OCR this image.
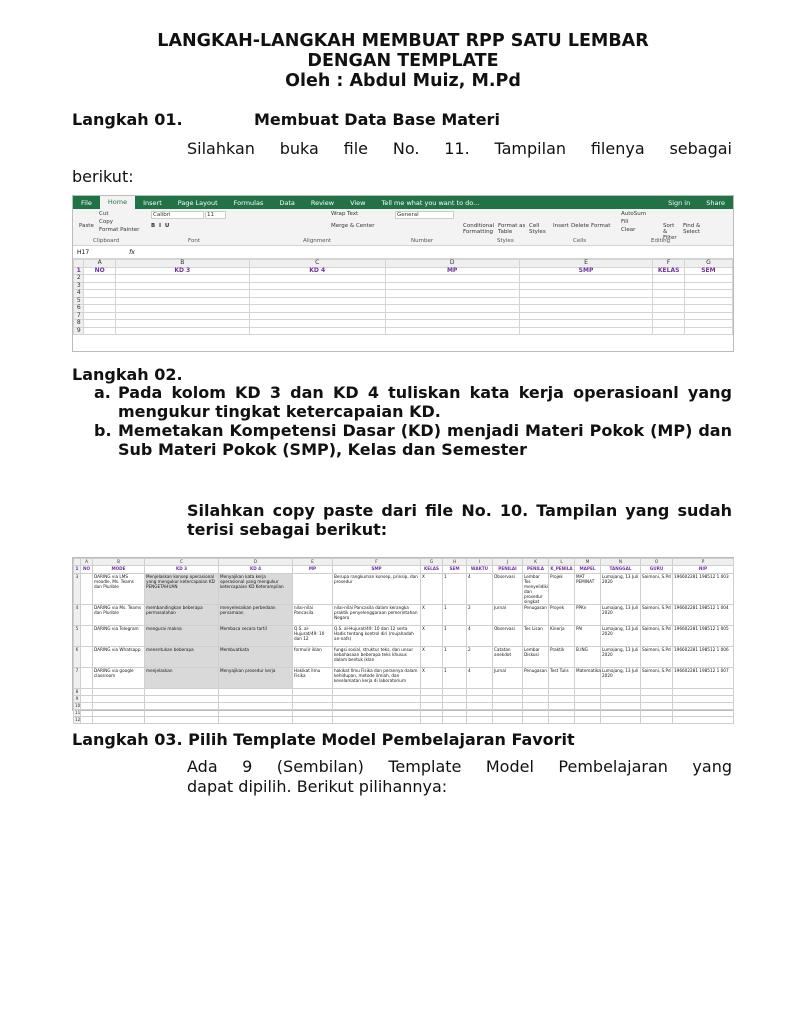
LANGKAH-LANGKAH MEMBUAT RPP SATU LEMBAR
DENGAN TEMPLATE
Oleh : Abdul Muiz, M.Pd
Langkah 01.	Membuat Data Base Materi
Silahkan buka file No. 11. Tampilan filenya sebagai
berikut:
File	Home	Insert	Page Layout	Formulas	Data	Review	View	Tell me what you want to do...	Sign in	Share
Paste
Cut
Copy
Format Painter
Calibri	11
B  I  U
Wrap Text
Merge & Center
General
Conditional Formatting
Format as Table
Cell Styles
Insert Delete Format
AutoSum
Fill
Clear
Sort & Filter
Find & Select
Clipboard	Font	Alignment	Number	Styles	Cells	Editing
H17	fx
	A	B	C	D	E	F	G
1	NO	KD 3	KD 4	MP	SMP	KELAS	SEM
2							
3							
4							
5							
6							
7							
8							
9							
Langkah 02.
a. Pada kolom KD 3 dan KD 4 tuliskan kata kerja operasioanl yang mengukur tingkat ketercapaian KD.
b. Memetakan Kompetensi Dasar (KD) menjadi Materi Pokok (MP) dan Sub Materi Pokok (SMP), Kelas dan Semester
Silahkan copy paste dari file No. 10. Tampilan yang sudah terisi sebagai berikut:
	A	B	C	D	E	F	G	H	I	J	K	L	M	N	O	P
1	NO	MODE	KD 3	KD 4	MP	SMP	KELAS	SEM	WAKTU	PENILAI	PENILA	K_PENILA	MAPEL	TANGGAL	GURU	NIP
3		DARING via LMS moodle, Ms. Teams dan Plurible	Menjelaskan konsep operasional yang mengukur ketercapaian KD PENGETAHUAN	Menyajikan kata kerja operasional yang mengukur ketercapaian KD Keterampilan		Berupa rangkuman konsep, prinsip, dan prosedur	X	1	4	Observasi	Lembar Tes menyelidiki dan prosedur singkat	Projek	MAT PEMINAT	Lumajang, 13 Juli 2020	Saimoni, S.Pd	196602281 198512 1 003
4		DARING via Ms. Teams dan Plurible	membandingkan beberapa permasalahan	menyelesaikan perbedaan persamaan	nilai-nilai Pancasila	nilai-nilai Pancasila dalam kerangka praktik penyelenggaraan pemerintahan Negara	X	1	2	Jurnal	Penugasan	Proyek	PPKn	Lumajang, 13 Juli 2020	Saimoni, S.Pd	196602281 198512 1 004
5		DARING via Telegram	mengurai makna	Membaca secara tartil	Q.S. al-Hujurat/49: 10 dan 12	Q.S. al-Hujurat/49: 10 dan 12 serta Hadis tentang kontrol diri (mujahadah an-nafs)	X	1	4	Observasi	Tes Lisan	Kinerja	PAI	Lumajang, 13 Juli 2020	Saimoni, S.Pd	196602281 198512 1 005
6		DARING via Whatsapp	menentukan beberapa	Membuatkata	formulir iklan	fungsi sosial, struktur teks, dan unsur kebahasaan beberapa teks khusus dalam bentuk iklan	X	1	2	Catatan anekdot	Lembar Diskusi	Praktik	B.ING	Lumajang, 13 Juli 2020	Saimoni, S.Pd	196602281 198512 1 006
7		DARING via google classroom	menjelaskan	Menyajikan prosedur kerja	Hakikat Ilmu Fisika	hakikat Ilmu Fisika dan perannya dalam kehidupan, metode ilmiah, dan keselamatan kerja di laboratorium	X	1	4	Jurnal	Penugasan	Test Tulis	Matematika	Lumajang, 13 Juli 2020	Saimoni, S.Pd	196602281 198512 1 007
8																
9																
10																
11																
12																
Langkah 03. Pilih Template Model Pembelajaran Favorit
Ada 9 (Sembilan) Template Model Pembelajaran yang
dapat dipilih. Berikut pilihannya:
